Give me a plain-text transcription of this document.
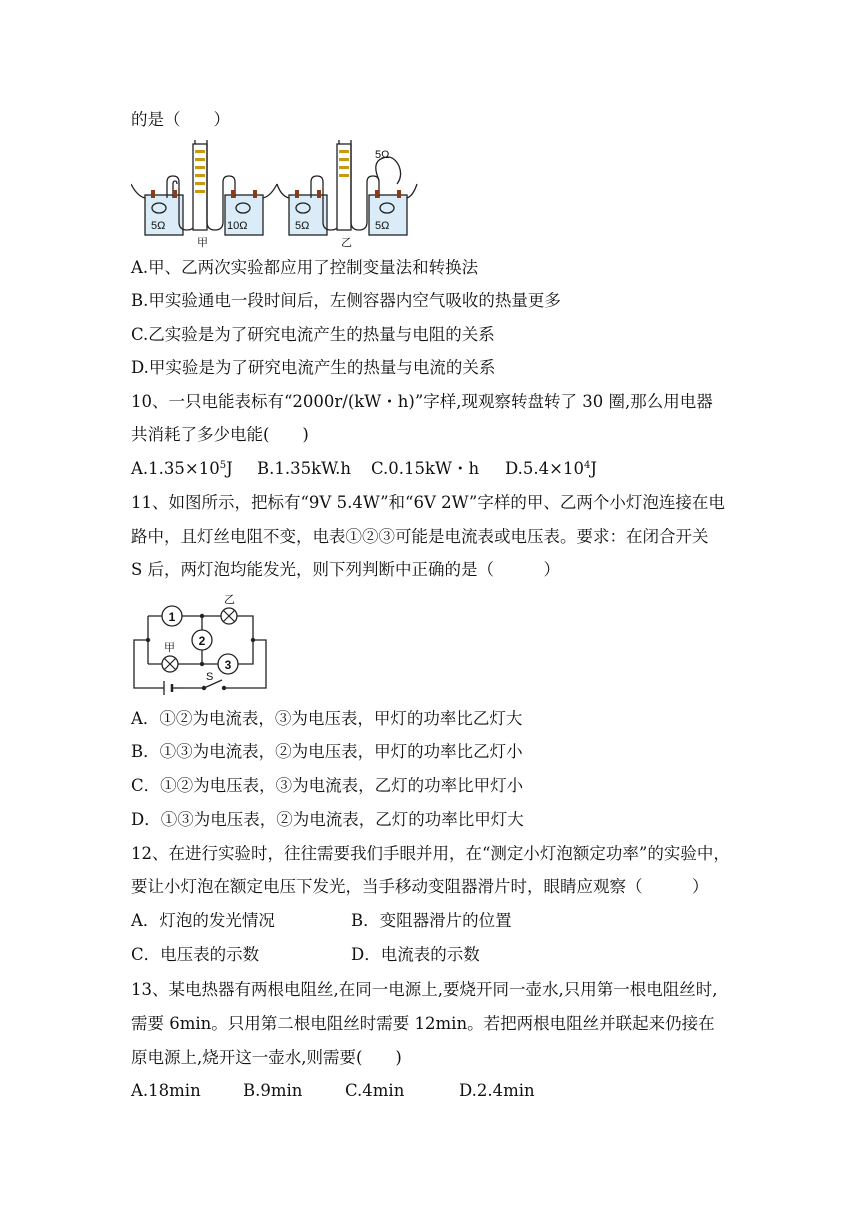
的是（　　）
5Ω	10Ω	5Ω	5Ω
5Ω
甲	乙
A.甲、乙两次实验都应用了控制变量法和转换法
B.甲实验通电一段时间后，左侧容器内空气吸收的热量更多
C.乙实验是为了研究电流产生的热量与电阻的关系
D.甲实验是为了研究电流产生的热量与电流的关系
10、一只电能表标有“2000r/(kW・h)”字样,现观察转盘转了 30 圈,那么用电器
共消耗了多少电能(　　)
$A.1.35\times 10^5J$ B.1.35kW.h C.0.15kW・h $D.5.4\times 10^4J$
11、如图所示，把标有“9V 5.4W”和“6V 2W”字样的甲、乙两个小灯泡连接在电
路中，且灯丝电阻不变，电表①②③可能是电流表或电压表。要求：在闭合开关
S 后，两灯泡均能发光，则下列判断中正确的是（　　　）
1
2
3
乙
甲
S
A．①②为电流表，③为电压表，甲灯的功率比乙灯大
B．①③为电流表，②为电压表，甲灯的功率比乙灯小
C．①②为电压表，③为电流表，乙灯的功率比甲灯小
D．①③为电压表，②为电流表，乙灯的功率比甲灯大
12、在进行实验时，往往需要我们手眼并用，在“测定小灯泡额定功率”的实验中，
要让小灯泡在额定电压下发光，当手移动变阻器滑片时，眼睛应观察（　　　）
A．灯泡的发光情况	B．变阻器滑片的位置
C．电压表的示数	D．电流表的示数
13、某电热器有两根电阻丝,在同一电源上,要烧开同一壶水,只用第一根电阻丝时,
需要 6min。只用第二根电阻丝时需要 12min。若把两根电阻丝并联起来仍接在
原电源上,烧开这一壶水,则需要(　　)
A.18min	B.9min	C.4min	D.2.4min
